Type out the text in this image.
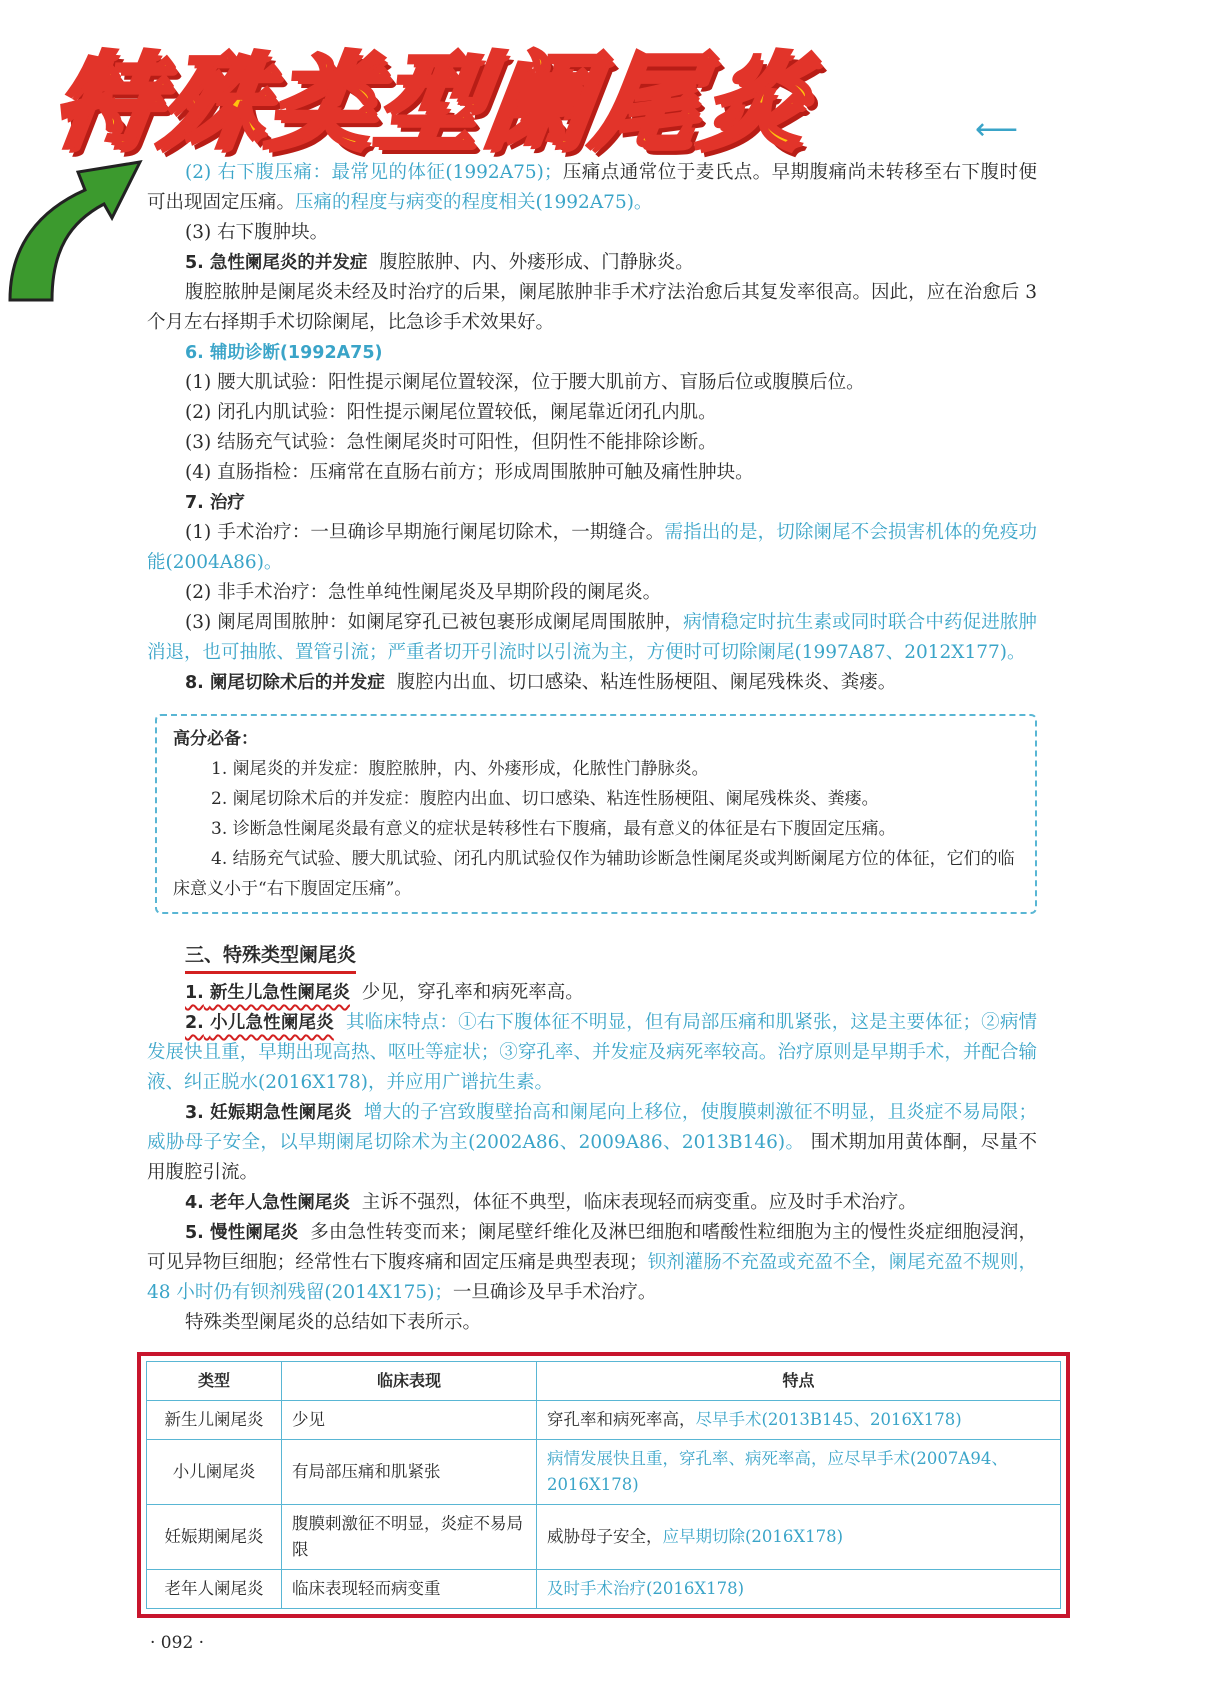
特殊类型阑尾炎	⟵

(2) 右下腹压痛：最常见的体征(1992A75)；压痛点通常位于麦氏点。早期腹痛尚未转移至右下腹时便可出现固定压痛。压痛的程度与病变的程度相关(1992A75)。

(3) 右下腹肿块。

5. 急性阑尾炎的并发症 腹腔脓肿、内、外瘘形成、门静脉炎。

腹腔脓肿是阑尾炎未经及时治疗的后果，阑尾脓肿非手术疗法治愈后其复发率很高。因此，应在治愈后 3 个月左右择期手术切除阑尾，比急诊手术效果好。

6. 辅助诊断(1992A75)

(1) 腰大肌试验：阳性提示阑尾位置较深，位于腰大肌前方、盲肠后位或腹膜后位。

(2) 闭孔内肌试验：阳性提示阑尾位置较低，阑尾靠近闭孔内肌。

(3) 结肠充气试验：急性阑尾炎时可阳性，但阴性不能排除诊断。

(4) 直肠指检：压痛常在直肠右前方；形成周围脓肿可触及痛性肿块。

7. 治疗

(1) 手术治疗：一旦确诊早期施行阑尾切除术，一期缝合。需指出的是，切除阑尾不会损害机体的免疫功能(2004A86)。

(2) 非手术治疗：急性单纯性阑尾炎及早期阶段的阑尾炎。

(3) 阑尾周围脓肿：如阑尾穿孔已被包裹形成阑尾周围脓肿，病情稳定时抗生素或同时联合中药促进脓肿消退，也可抽脓、置管引流；严重者切开引流时以引流为主，方便时可切除阑尾(1997A87、2012X177)。

8. 阑尾切除术后的并发症 腹腔内出血、切口感染、粘连性肠梗阻、阑尾残株炎、粪瘘。

高分必备：

1. 阑尾炎的并发症：腹腔脓肿，内、外瘘形成，化脓性门静脉炎。

2. 阑尾切除术后的并发症：腹腔内出血、切口感染、粘连性肠梗阻、阑尾残株炎、粪瘘。

3. 诊断急性阑尾炎最有意义的症状是转移性右下腹痛，最有意义的体征是右下腹固定压痛。

4. 结肠充气试验、腰大肌试验、闭孔内肌试验仅作为辅助诊断急性阑尾炎或判断阑尾方位的体征，它们的临床意义小于“右下腹固定压痛”。

三、特殊类型阑尾炎

1. 新生儿急性阑尾炎 少见，穿孔率和病死率高。

2. 小儿急性阑尾炎 其临床特点：①右下腹体征不明显，但有局部压痛和肌紧张，这是主要体征；②病情发展快且重，早期出现高热、呕吐等症状；③穿孔率、并发症及病死率较高。治疗原则是早期手术，并配合输液、纠正脱水(2016X178)，并应用广谱抗生素。

3. 妊娠期急性阑尾炎 增大的子宫致腹壁抬高和阑尾向上移位，使腹膜刺激征不明显，且炎症不易局限；威胁母子安全，以早期阑尾切除术为主(2002A86、2009A86、2013B146)。 围术期加用黄体酮，尽量不用腹腔引流。

4. 老年人急性阑尾炎 主诉不强烈，体征不典型，临床表现轻而病变重。应及时手术治疗。

5. 慢性阑尾炎 多由急性转变而来；阑尾壁纤维化及淋巴细胞和嗜酸性粒细胞为主的慢性炎症细胞浸润，可见异物巨细胞；经常性右下腹疼痛和固定压痛是典型表现；钡剂灌肠不充盈或充盈不全，阑尾充盈不规则，48 小时仍有钡剂残留(2014X175)；一旦确诊及早手术治疗。

特殊类型阑尾炎的总结如下表所示。

类型	临床表现	特点
新生儿阑尾炎	少见	穿孔率和病死率高，尽早手术(2013B145、2016X178)
小儿阑尾炎	有局部压痛和肌紧张	病情发展快且重，穿孔率、病死率高，应尽早手术(2007A94、2016X178)
妊娠期阑尾炎	腹膜刺激征不明显，炎症不易局限	威胁母子安全，应早期切除(2016X178)
老年人阑尾炎	临床表现轻而病变重	及时手术治疗(2016X178)
· 092 ·
